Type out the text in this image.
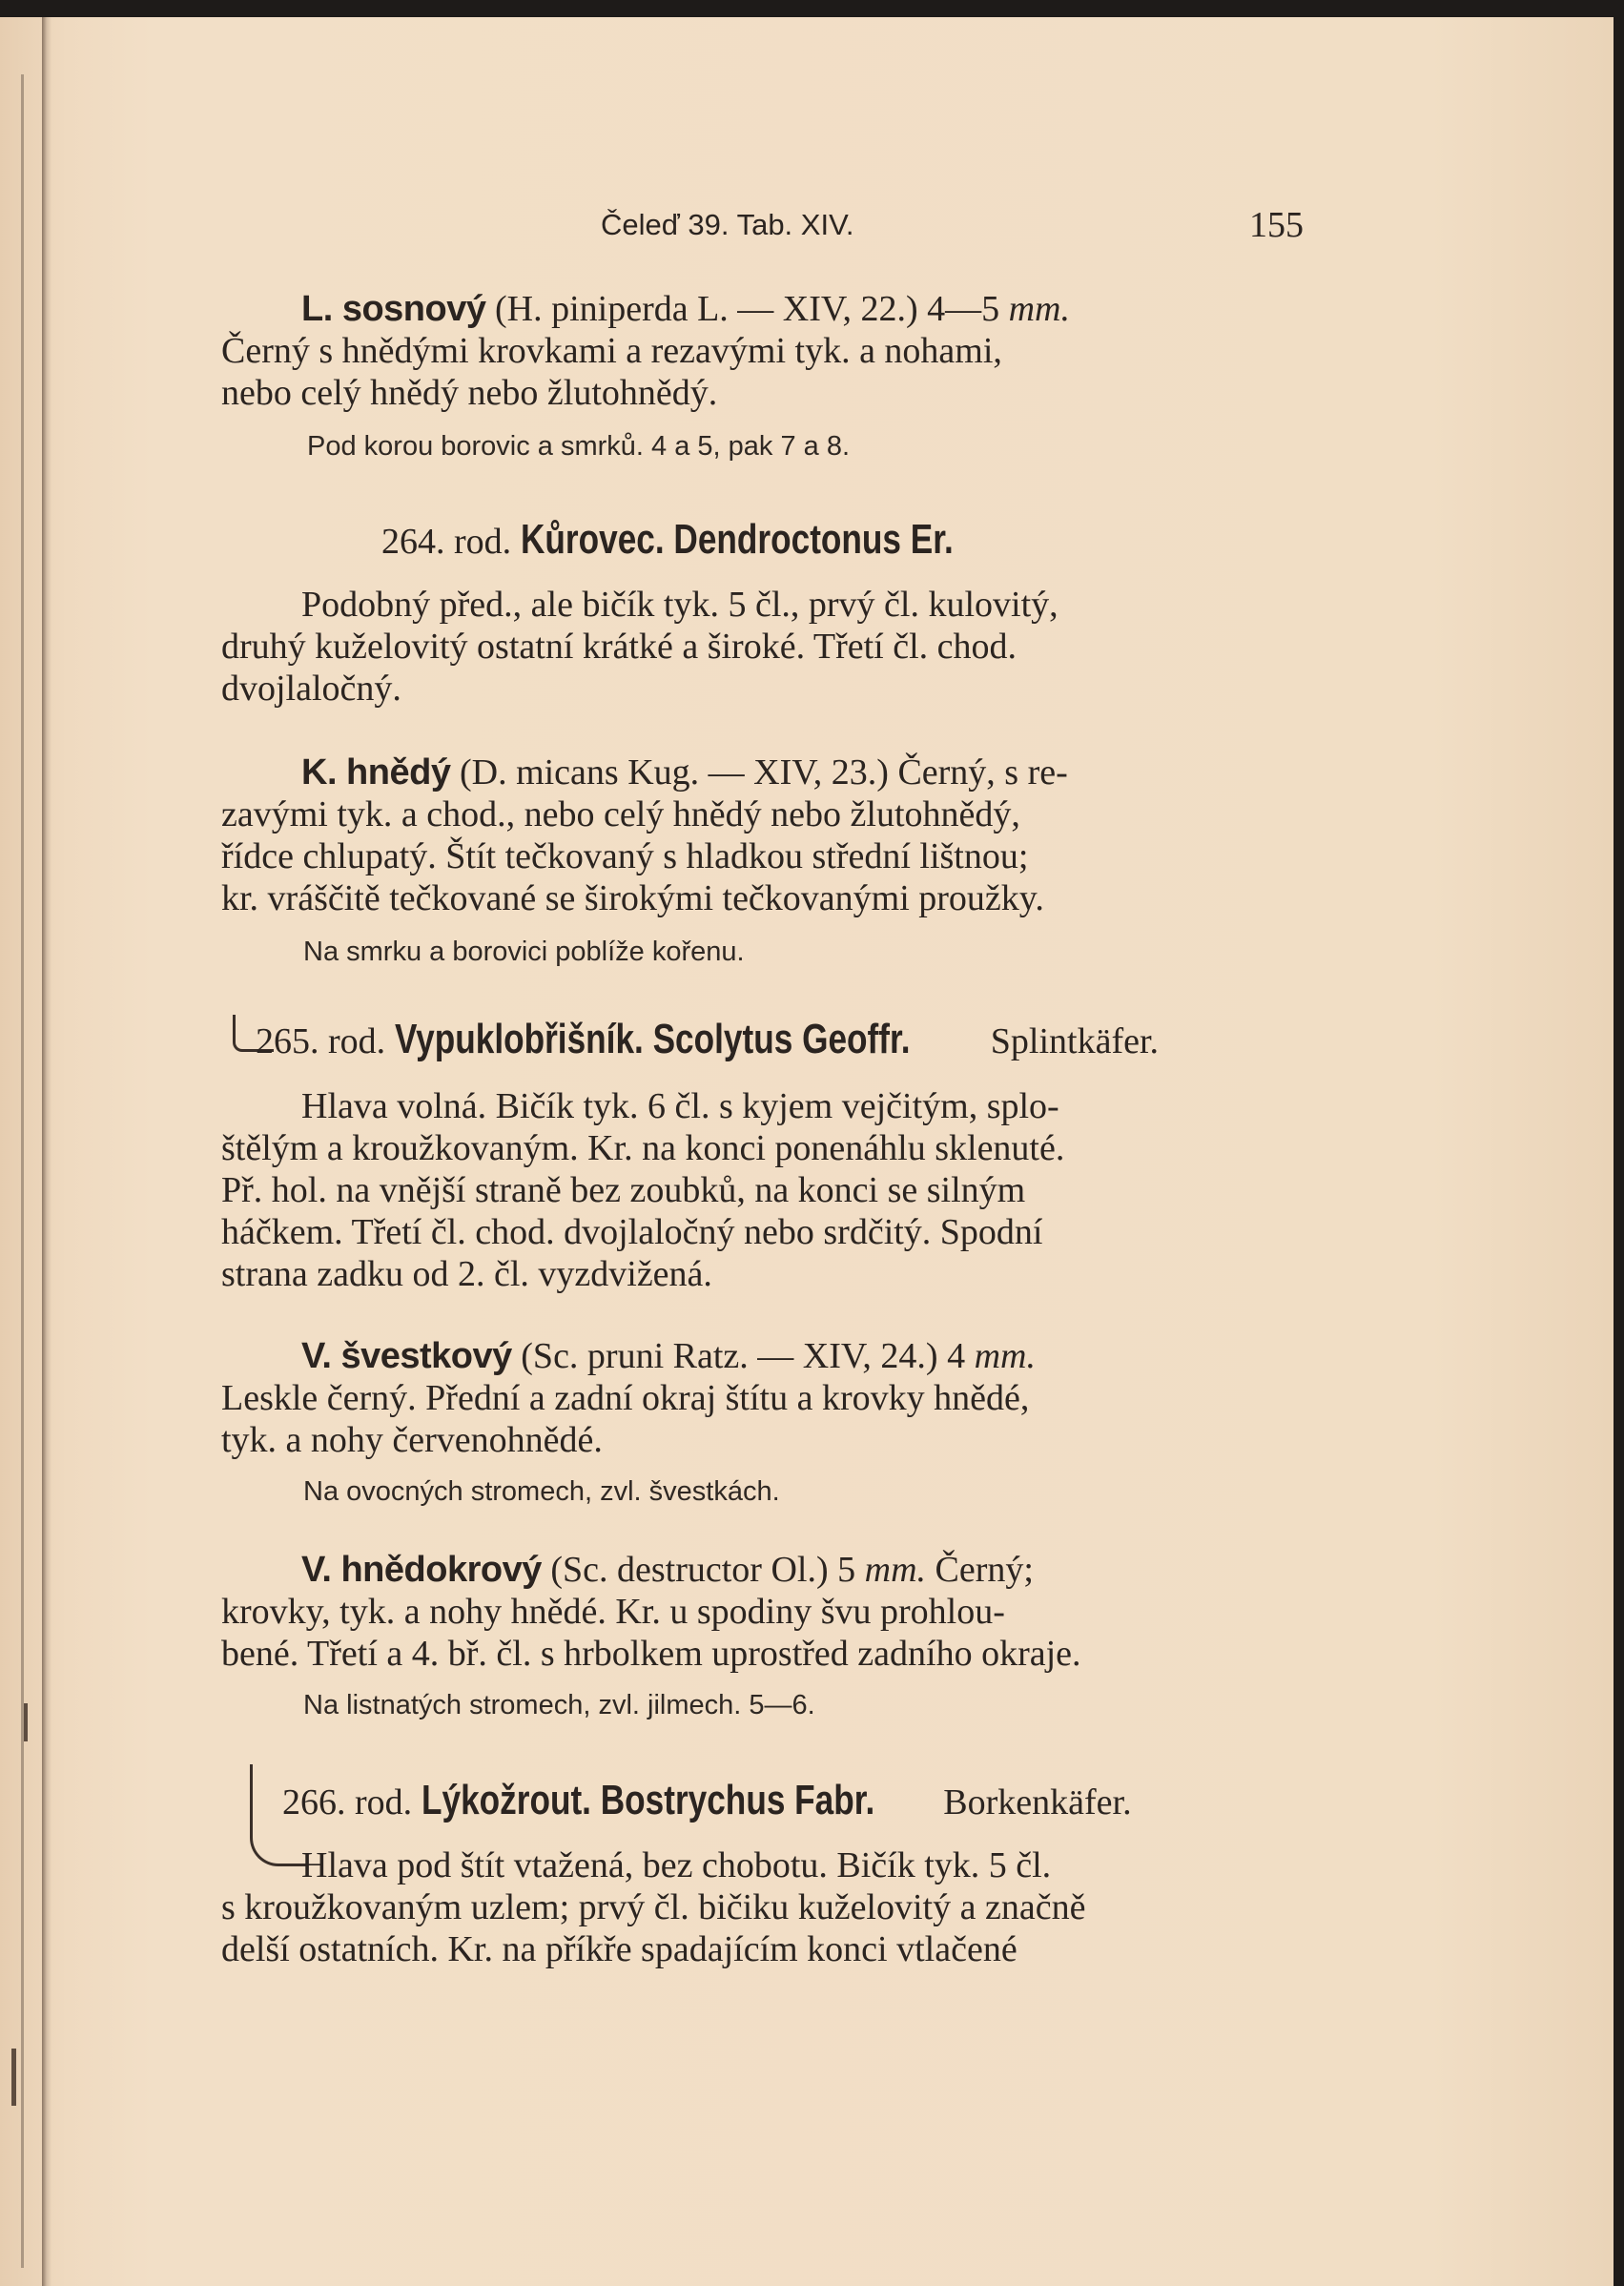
Čeleď 39. Tab. XIV.	155
L. sosnový (H. piniperda L. — XIV, 22.) 4—5 mm.
Černý s hnědými krovkami a rezavými tyk. a nohami,
nebo celý hnědý nebo žlutohnědý.
Pod korou borovic a smrků. 4 a 5, pak 7 a 8.
264. rod. Kůrovec. Dendroctonus Er.
Podobný před., ale bičík tyk. 5 čl., prvý čl. kulovitý,
druhý kuželovitý ostatní krátké a široké. Třetí čl. chod.
dvojlaločný.
K. hnědý (D. micans Kug. — XIV, 23.) Černý, s re-
zavými tyk. a chod., nebo celý hnědý nebo žlutohnědý,
řídce chlupatý. Štít tečkovaný s hladkou střední lištnou;
kr. vráščitě tečkované se širokými tečkovanými proužky.
Na smrku a borovici poblíže kořenu.
265. rod. Vypuklobřišník. Scolytus Geoffr. Splintkäfer.
Hlava volná. Bičík tyk. 6 čl. s kyjem vejčitým, splo-
štělým a kroužkovaným. Kr. na konci ponenáhlu sklenuté.
Př. hol. na vnější straně bez zoubků, na konci se silným
háčkem. Třetí čl. chod. dvojlaločný nebo srdčitý. Spodní
strana zadku od 2. čl. vyzdvižená.
V. švestkový (Sc. pruni Ratz. — XIV, 24.) 4 mm.
Leskle černý. Přední a zadní okraj štítu a krovky hnědé,
tyk. a nohy červenohnědé.
Na ovocných stromech, zvl. švestkách.
V. hnědokrový (Sc. destructor Ol.) 5 mm. Černý;
krovky, tyk. a nohy hnědé. Kr. u spodiny švu prohlou-
bené. Třetí a 4. bř. čl. s hrbolkem uprostřed zadního okraje.
Na listnatých stromech, zvl. jilmech. 5—6.
266. rod. Lýkožrout. Bostrychus Fabr. Borkenkäfer.
Hlava pod štít vtažená, bez chobotu. Bičík tyk. 5 čl.
s kroužkovaným uzlem; prvý čl. bičiku kuželovitý a značně
delší ostatních. Kr. na příkře spadajícím konci vtlačené
